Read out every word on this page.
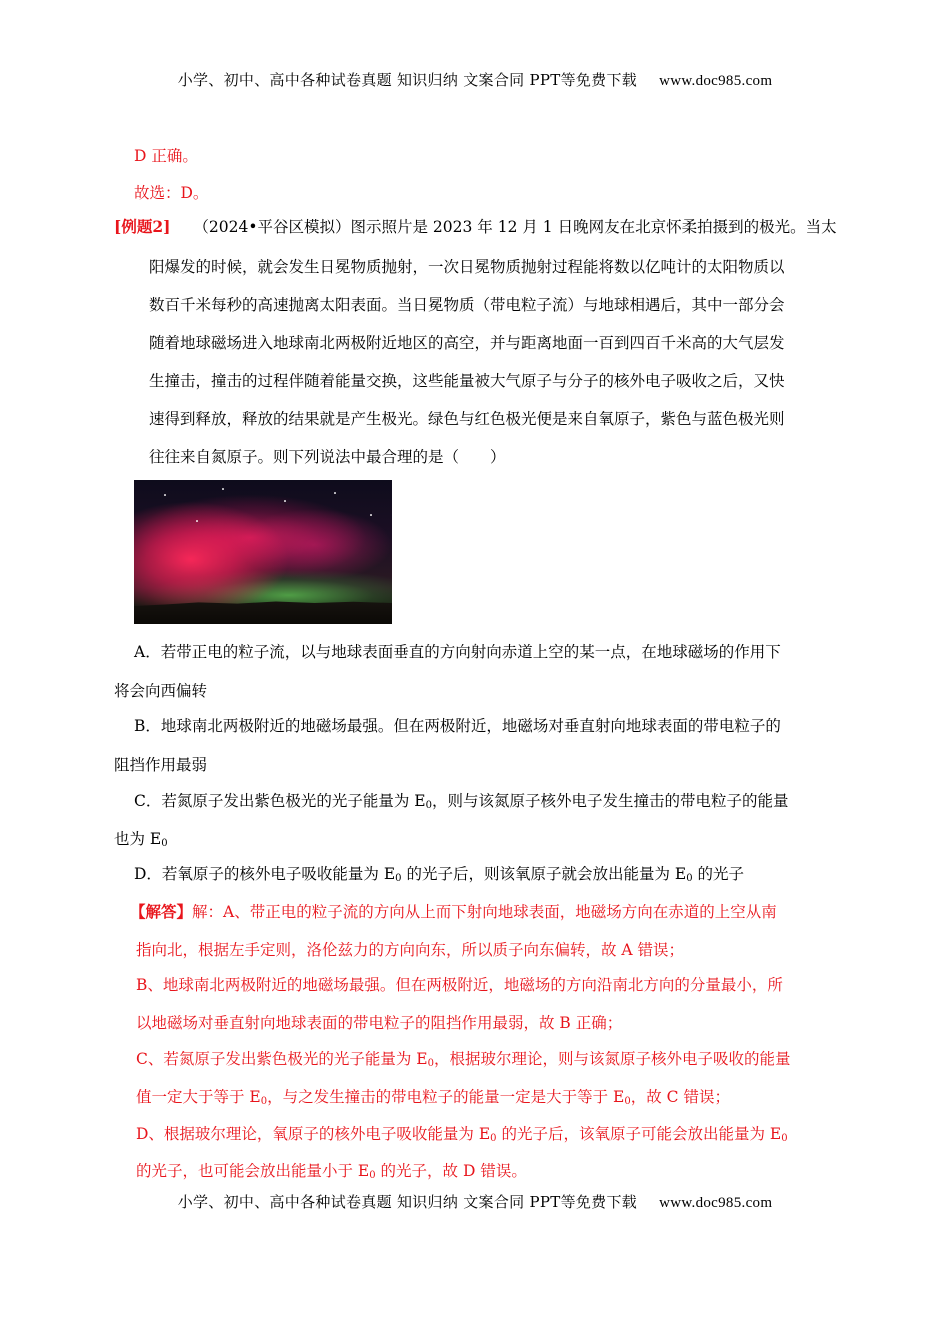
小学、初中、高中各种试卷真题 知识归纳 文案合同 PPT等免费下载 www.doc985.com
D 正确。
故选：D。
[例题2] （2024•平谷区模拟）图示照片是 2023 年 12 月 1 日晚网友在北京怀柔拍摄到的极光。当太
阳爆发的时候，就会发生日冕物质抛射，一次日冕物质抛射过程能将数以亿吨计的太阳物质以
数百千米每秒的高速抛离太阳表面。当日冕物质（带电粒子流）与地球相遇后，其中一部分会
随着地球磁场进入地球南北两极附近地区的高空，并与距离地面一百到四百千米高的大气层发
生撞击，撞击的过程伴随着能量交换，这些能量被大气原子与分子的核外电子吸收之后，又快
速得到释放，释放的结果就是产生极光。绿色与红色极光便是来自氧原子，紫色与蓝色极光则
往往来自氮原子。则下列说法中最合理的是（　　）
A．若带正电的粒子流，以与地球表面垂直的方向射向赤道上空的某一点，在地球磁场的作用下
将会向西偏转
B．地球南北两极附近的地磁场最强。但在两极附近，地磁场对垂直射向地球表面的带电粒子的
阻挡作用最弱
C．若氮原子发出紫色极光的光子能量为 $E_0$，则与该氮原子核外电子发生撞击的带电粒子的能量
也为 $E_0$
D．若氧原子的核外电子吸收能量为 $E_0$ 的光子后，则该氧原子就会放出能量为 $E_0$ 的光子
【解答】解：A、带正电的粒子流的方向从上而下射向地球表面，地磁场方向在赤道的上空从南
指向北，根据左手定则，洛伦兹力的方向向东，所以质子向东偏转，故 A 错误；
B、地球南北两极附近的地磁场最强。但在两极附近，地磁场的方向沿南北方向的分量最小，所
以地磁场对垂直射向地球表面的带电粒子的阻挡作用最弱，故 B 正确；
C、若氮原子发出紫色极光的光子能量为 $E_0$，根据玻尔理论，则与该氮原子核外电子吸收的能量
值一定大于等于 $E_0$，与之发生撞击的带电粒子的能量一定是大于等于 $E_0$，故 C 错误；
D、根据玻尔理论，氧原子的核外电子吸收能量为 $E_0$ 的光子后，该氧原子可能会放出能量为 $E_0$
的光子，也可能会放出能量小于 $E_0$ 的光子，故 D 错误。
小学、初中、高中各种试卷真题 知识归纳 文案合同 PPT等免费下载 www.doc985.com
